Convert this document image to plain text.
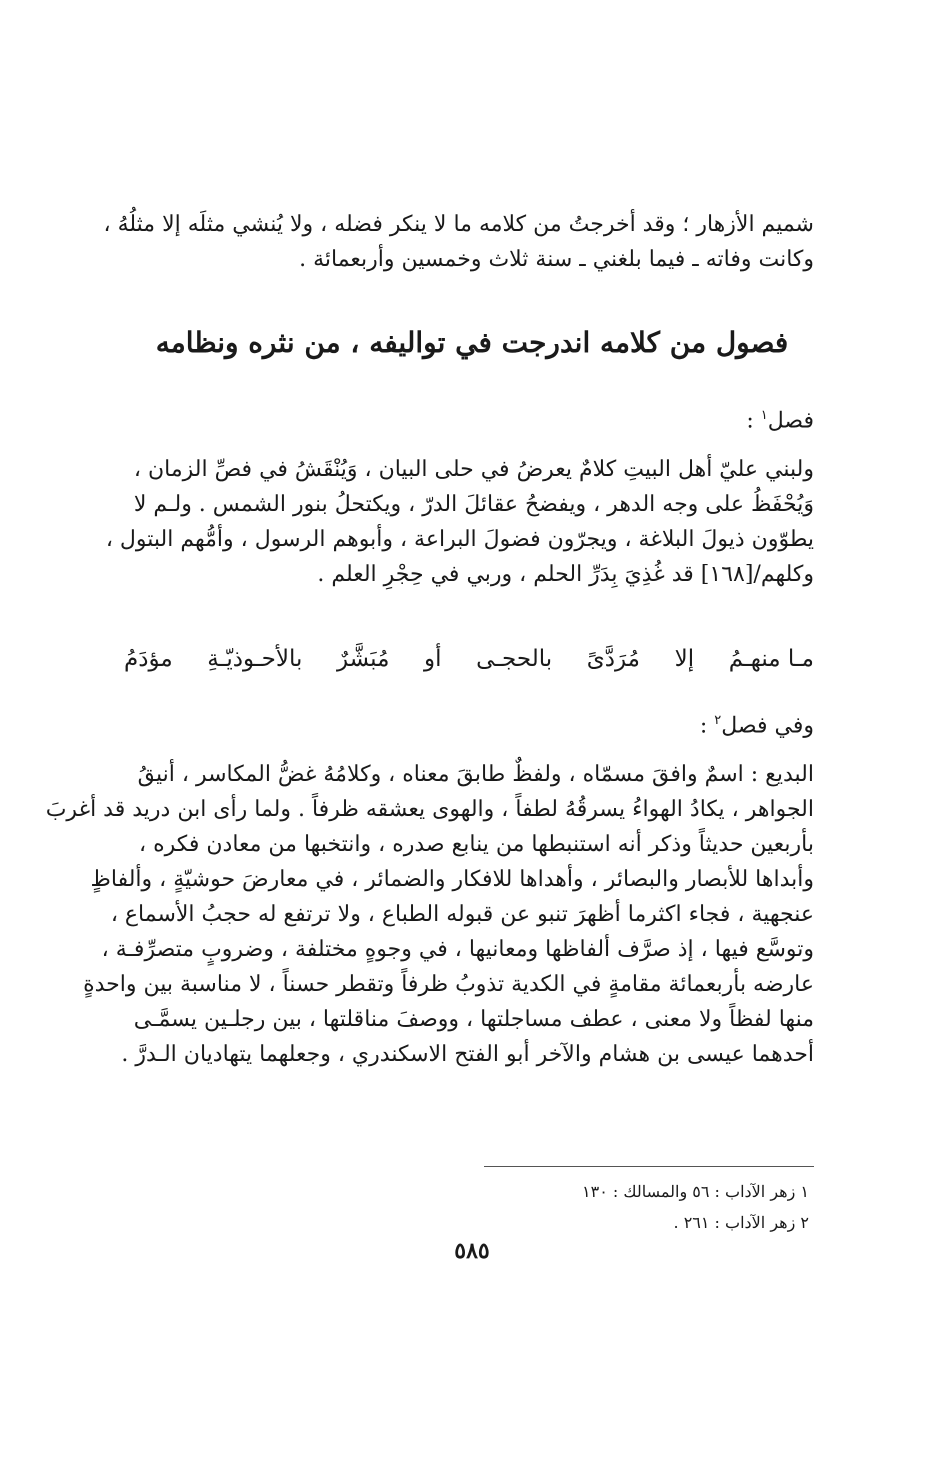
شميم الأزهار ؛ وقد أخرجتُ من كلامه ما لا ينكر فضله ، ولا يُنشي مثلَه إلا مثلُهُ ،
وكانت وفاته ـ فيما بلغني ـ سنة ثلاث وخمسين وأربعمائة .
فصول من كلامه اندرجت في تواليفه ، من نثره ونظامه
فصل$^١$ :
ولبني عليّ أهل البيتِ كلامٌ يعرضُ في حلى البيان ، وَيُنْقَشُ في فصِّ الزمان ،
وَيُحْفَظُ على وجه الدهر ، ويفضحُ عقائلَ الدرّ ، ويكتحلُ بنور الشمس . ولـم لا
يطوّون ذيولَ البلاغة ، ويجرّون فضولَ البراعة ، وأبوهم الرسول ، وأمُّهم البتول ،
وكلهم/[١٦٨] قد غُذِيَ بِدَرِّ الحلم ، وربي في حِجْرِ العلم .
مـا منهـمُ
إلا
مُرَدَّىً
بالحجـى
أو
مُبَشَّرٌ
بالأحـوذيّـةِ
مؤدَمُ
وفي فصل$^٢$ :
البديع : اسمٌ وافقَ مسمّاه ، ولفظٌ طابقَ معناه ، وكلامُهُ غضُّ المكاسر ، أنيقُ
الجواهر ، يكادُ الهواءُ يسرقُهُ لطفاً ، والهوى يعشقه ظرفاً . ولما رأى ابن دريد قد أغربَ
بأربعين حديثاً وذكر أنه استنبطها من ينابع صدره ، وانتخبها من معادن فكره ،
وأبداها للأبصار والبصائر ، وأهداها للافكار والضمائر ، في معارضَ حوشيّةٍ ، وألفاظٍ
عنجهية ، فجاء اكثرما أظهرَ تنبو عن قبوله الطباع ، ولا ترتفع له حجبُ الأسماع ،
وتوسَّع فيها ، إذ صرَّف ألفاظها ومعانيها ، في وجوهٍ مختلفة ، وضروبٍ متصرِّفـة ،
عارضه بأربعمائة مقامةٍ في الكدية تذوبُ ظرفاً وتقطر حسناً ، لا مناسبة بين واحدةٍ
منها لفظاً ولا معنى ، عطف مساجلتها ، ووصفَ مناقلتها ، بين رجلـين يسمَّـى
أحدهما عيسى بن هشام والآخر أبو الفتح الاسكندري ، وجعلهما يتهاديان الـدرَّ .
١ زهر الآداب : ٥٦ والمسالك : ١٣٠
٢ زهر الآداب : ٢٦١ .
٥٨٥
